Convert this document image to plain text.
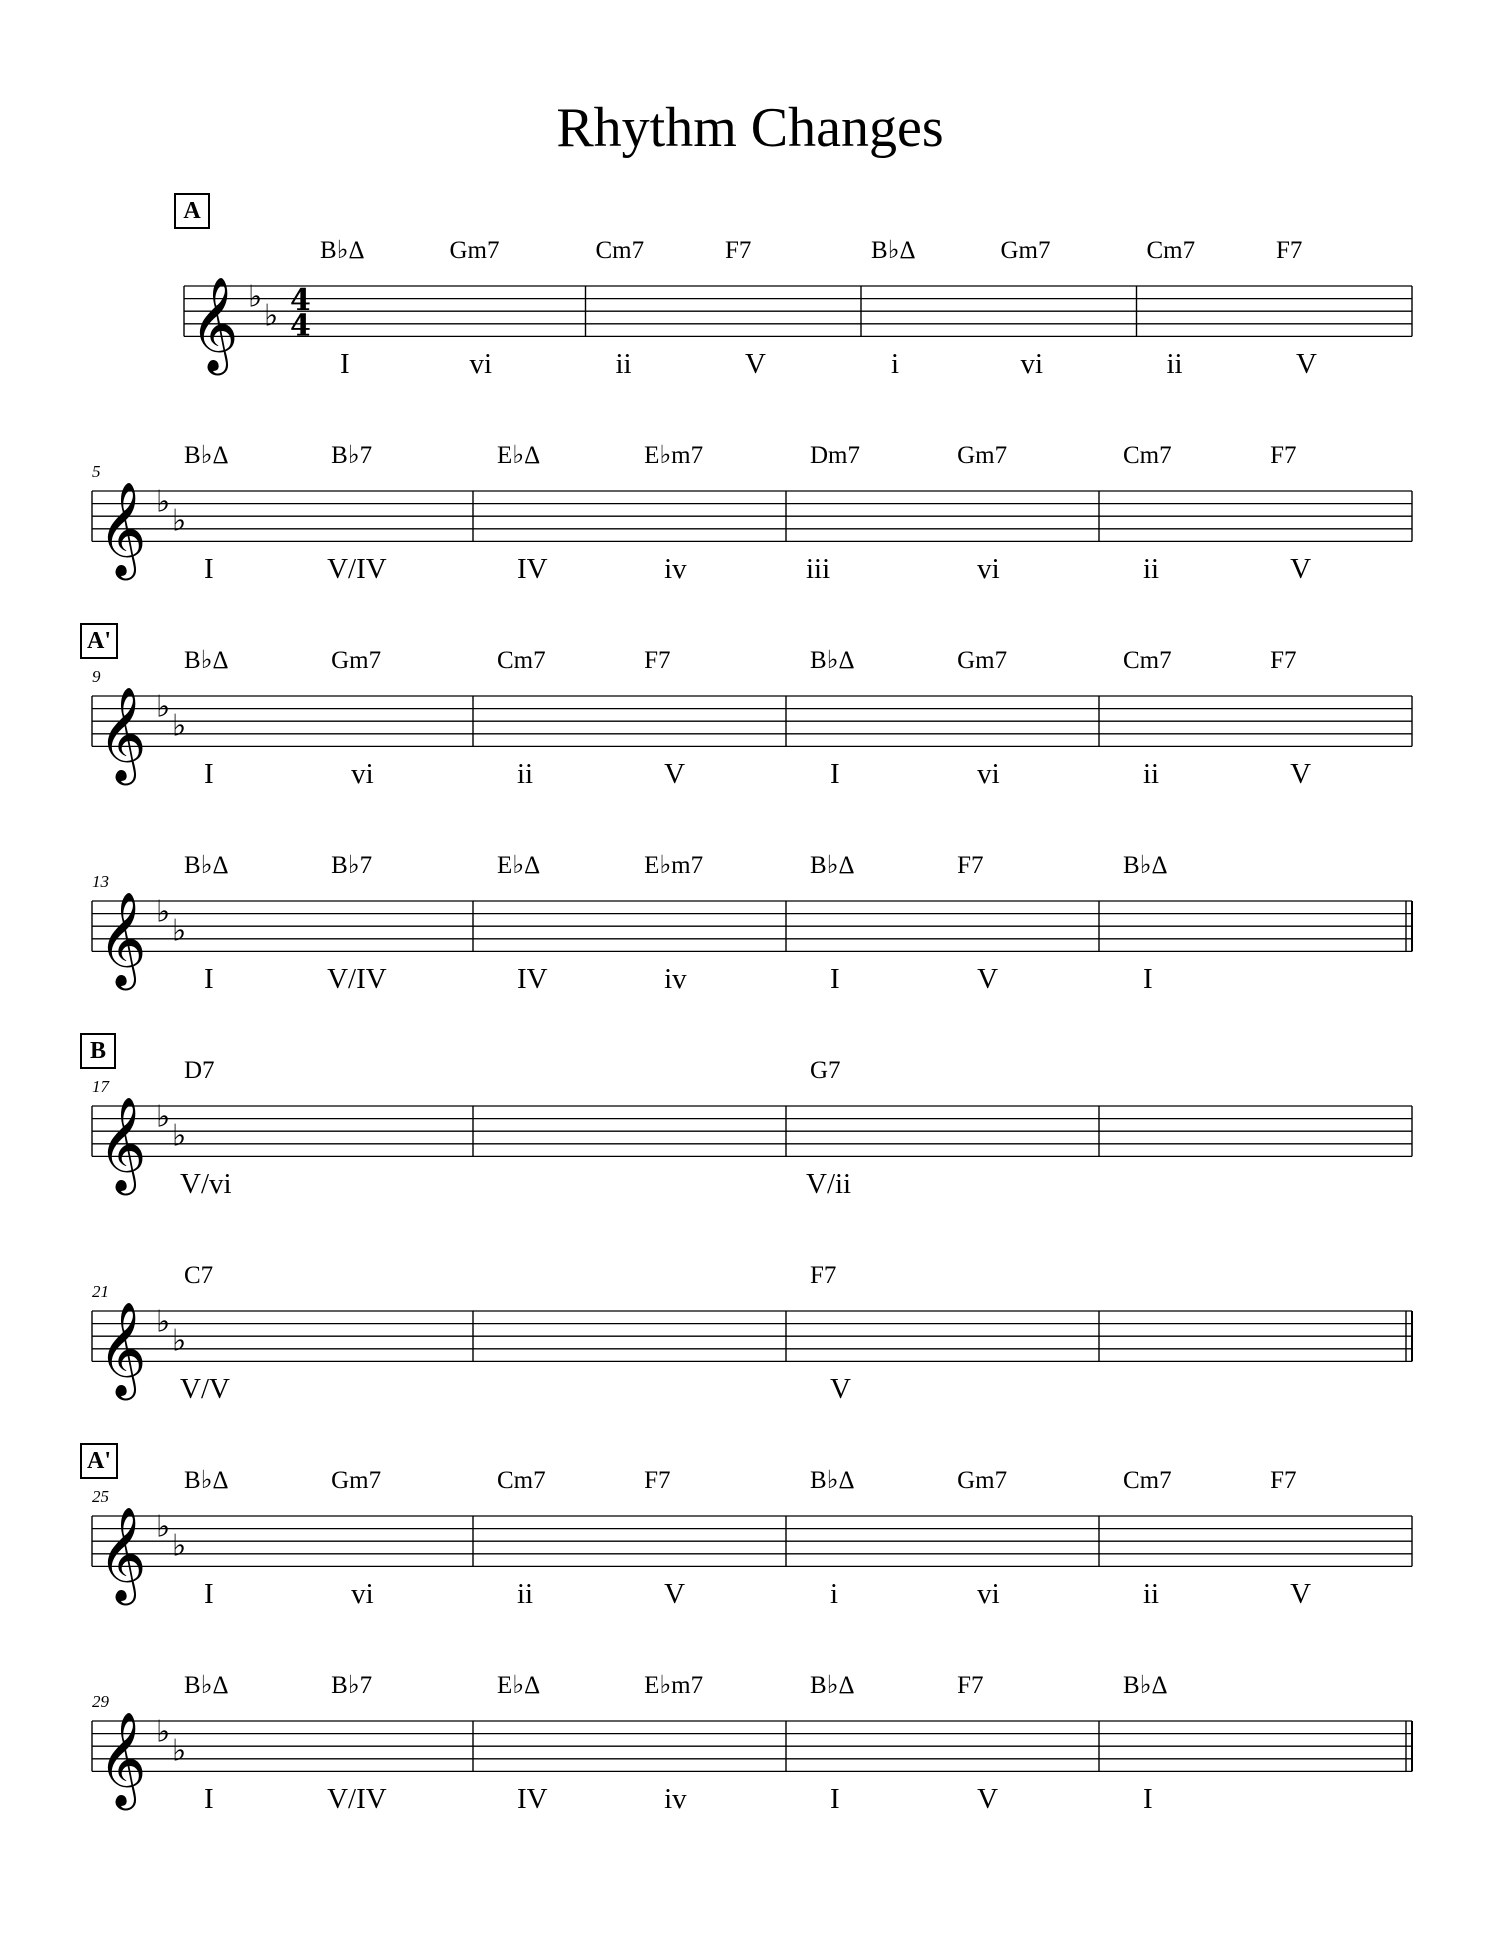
Rhythm Changes
𝄞 ♭
♭ 4
4
A
B♭Δ
I
Gm7
vi
Cm7
ii
F7
V
B♭Δ
i
Gm7
vi
Cm7
ii
F7
V
𝄞 ♭
♭
5
B♭Δ
I
B♭7
V/IV
E♭Δ
IV
E♭m7
iv
Dm7
iii
Gm7
vi
Cm7
ii
F7
V
𝄞 ♭
♭
9
A'
B♭Δ
I
Gm7
vi
Cm7
ii
F7
V
B♭Δ
I
Gm7
vi
Cm7
ii
F7
V
𝄞 ♭
♭
13
B♭Δ
I
B♭7
V/IV
E♭Δ
IV
E♭m7
iv
B♭Δ
I
F7
V
B♭Δ
I
𝄞 ♭
♭
17
B
D7
V/vi
G7
V/ii
𝄞 ♭
♭
21
C7
V/V
F7
V
𝄞 ♭
♭
25
A'
B♭Δ
I
Gm7
vi
Cm7
ii
F7
V
B♭Δ
i
Gm7
vi
Cm7
ii
F7
V
𝄞 ♭
♭
29
B♭Δ
I
B♭7
V/IV
E♭Δ
IV
E♭m7
iv
B♭Δ
I
F7
V
B♭Δ
I
